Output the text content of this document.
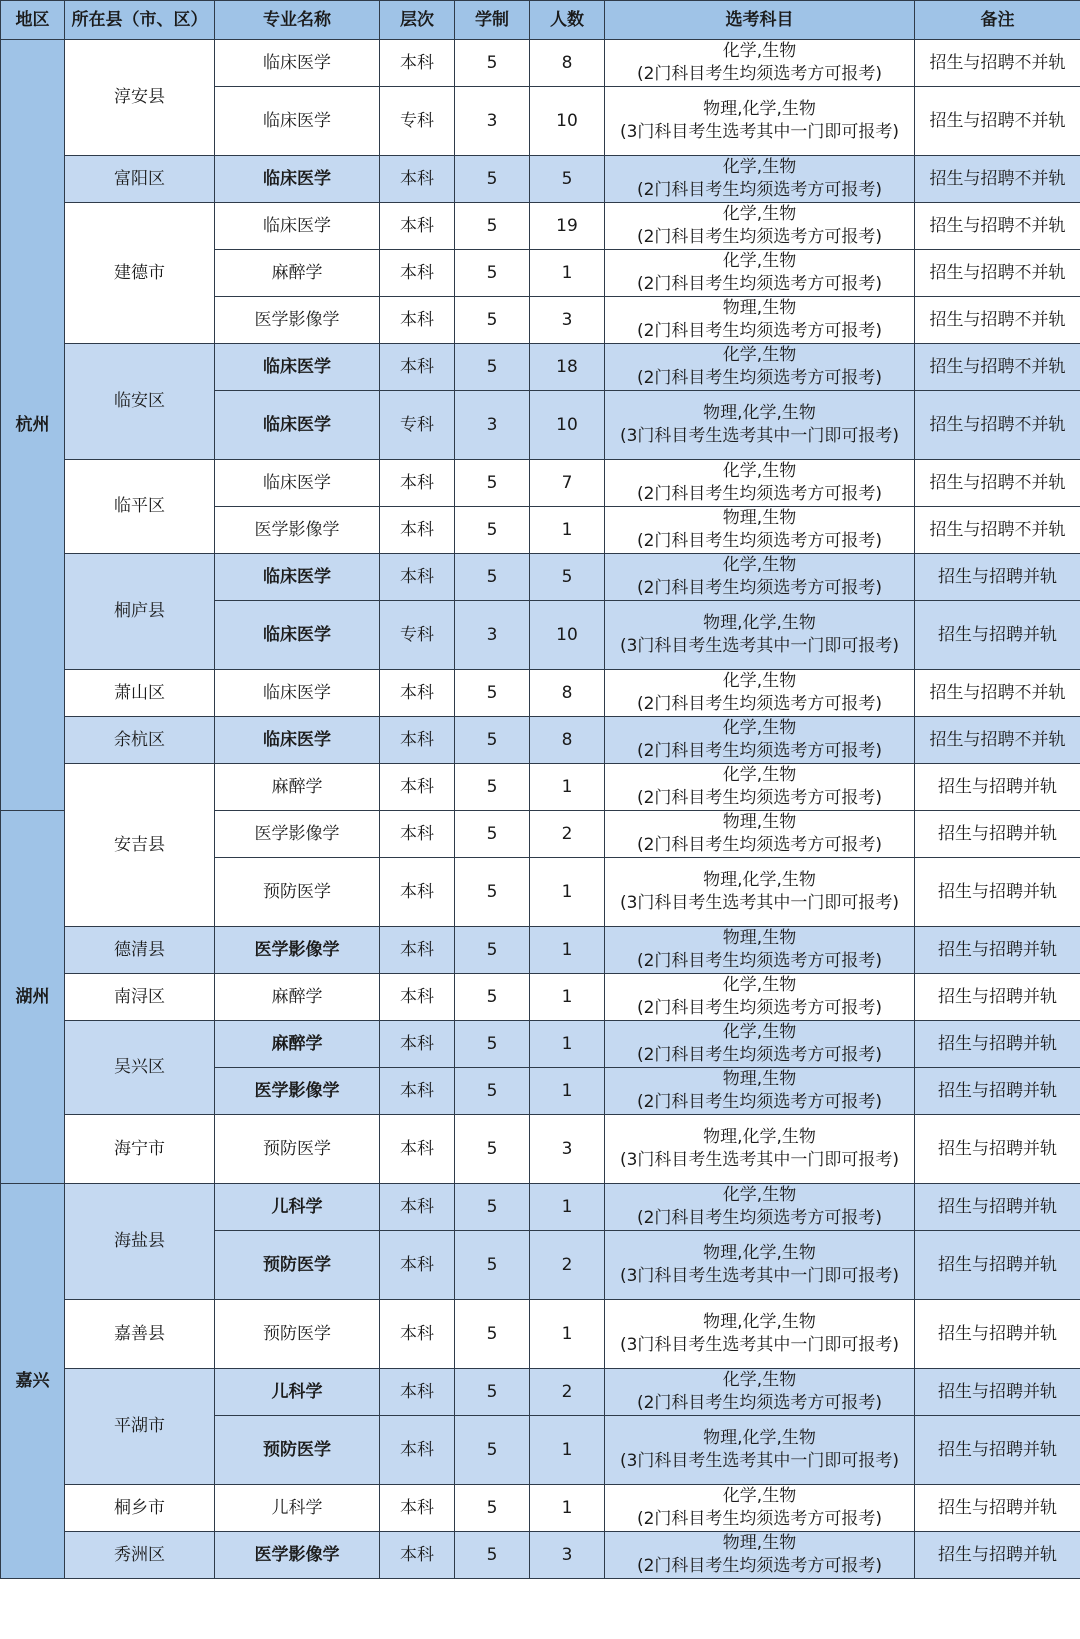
地区	所在县（市、区）	专业名称	层次	学制	人数	选考科目	备注
杭州	淳安县	临床医学	本科	5	8	化学,生物
(2门科目考生均须选考方可报考)	招生与招聘不并轨
		临床医学	专科	3	10	物理,化学,生物
(3门科目考生选考其中一门即可报考)	招生与招聘不并轨
	富阳区	临床医学	本科	5	5	化学,生物
(2门科目考生均须选考方可报考)	招生与招聘不并轨
	建德市	临床医学	本科	5	19	化学,生物
(2门科目考生均须选考方可报考)	招生与招聘不并轨
		麻醉学	本科	5	1	化学,生物
(2门科目考生均须选考方可报考)	招生与招聘不并轨
		医学影像学	本科	5	3	物理,生物
(2门科目考生均须选考方可报考)	招生与招聘不并轨
	临安区	临床医学	本科	5	18	化学,生物
(2门科目考生均须选考方可报考)	招生与招聘不并轨
		临床医学	专科	3	10	物理,化学,生物
(3门科目考生选考其中一门即可报考)	招生与招聘不并轨
	临平区	临床医学	本科	5	7	化学,生物
(2门科目考生均须选考方可报考)	招生与招聘不并轨
		医学影像学	本科	5	1	物理,生物
(2门科目考生均须选考方可报考)	招生与招聘不并轨
	桐庐县	临床医学	本科	5	5	化学,生物
(2门科目考生均须选考方可报考)	招生与招聘并轨
		临床医学	专科	3	10	物理,化学,生物
(3门科目考生选考其中一门即可报考)	招生与招聘并轨
	萧山区	临床医学	本科	5	8	化学,生物
(2门科目考生均须选考方可报考)	招生与招聘不并轨
	余杭区	临床医学	本科	5	8	化学,生物
(2门科目考生均须选考方可报考)	招生与招聘不并轨
	安吉县	麻醉学	本科	5	1	化学,生物
(2门科目考生均须选考方可报考)	招生与招聘并轨
湖州		医学影像学	本科	5	2	物理,生物
(2门科目考生均须选考方可报考)	招生与招聘并轨
		预防医学	本科	5	1	物理,化学,生物
(3门科目考生选考其中一门即可报考)	招生与招聘并轨
	德清县	医学影像学	本科	5	1	物理,生物
(2门科目考生均须选考方可报考)	招生与招聘并轨
	南浔区	麻醉学	本科	5	1	化学,生物
(2门科目考生均须选考方可报考)	招生与招聘并轨
	吴兴区	麻醉学	本科	5	1	化学,生物
(2门科目考生均须选考方可报考)	招生与招聘并轨
		医学影像学	本科	5	1	物理,生物
(2门科目考生均须选考方可报考)	招生与招聘并轨
	海宁市	预防医学	本科	5	3	物理,化学,生物
(3门科目考生选考其中一门即可报考)	招生与招聘并轨
嘉兴	海盐县	儿科学	本科	5	1	化学,生物
(2门科目考生均须选考方可报考)	招生与招聘并轨
		预防医学	本科	5	2	物理,化学,生物
(3门科目考生选考其中一门即可报考)	招生与招聘并轨
	嘉善县	预防医学	本科	5	1	物理,化学,生物
(3门科目考生选考其中一门即可报考)	招生与招聘并轨
	平湖市	儿科学	本科	5	2	化学,生物
(2门科目考生均须选考方可报考)	招生与招聘并轨
		预防医学	本科	5	1	物理,化学,生物
(3门科目考生选考其中一门即可报考)	招生与招聘并轨
	桐乡市	儿科学	本科	5	1	化学,生物
(2门科目考生均须选考方可报考)	招生与招聘并轨
	秀洲区	医学影像学	本科	5	3	物理,生物
(2门科目考生均须选考方可报考)	招生与招聘并轨
